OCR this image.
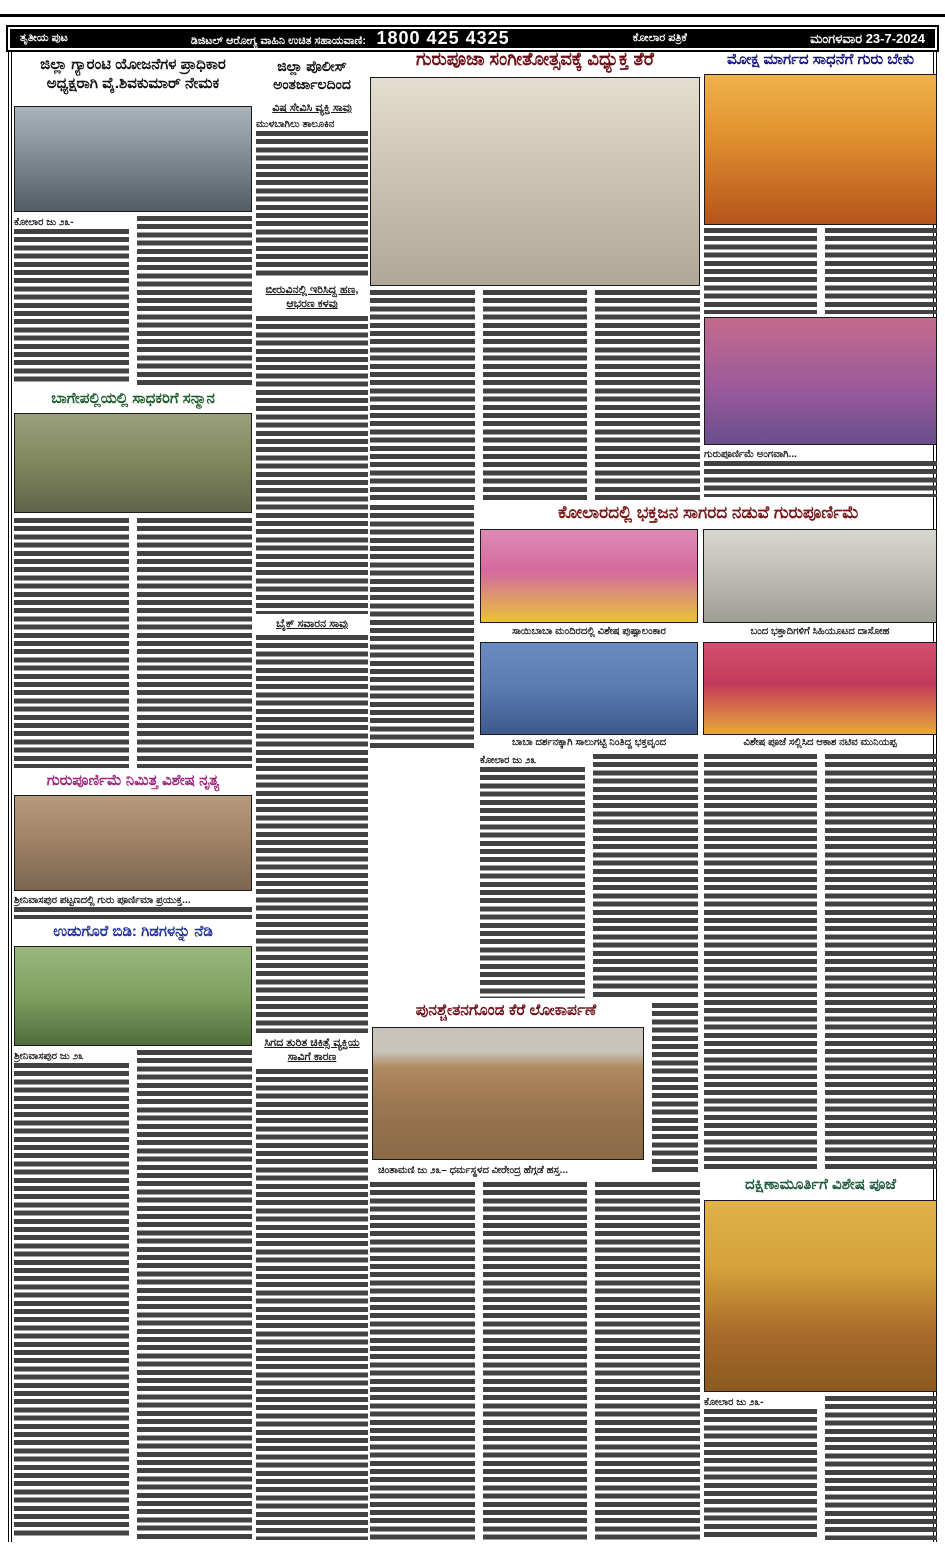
ತೃತೀಯ ಪುಟ	ಡಿಜಿಟಲ್ ಆರೋಗ್ಯ ವಾಹಿನಿ ಉಚಿತ ಸಹಾಯವಾಣಿ: 1800 425 4325	ಕೋಲಾರ ಪತ್ರಿಕೆ	ಮಂಗಳವಾರ 23-7-2024
ಜಿಲ್ಲಾ ಗ್ಯಾರಂಟಿ ಯೋಜನೆಗಳ ಪ್ರಾಧಿಕಾರ ಅಧ್ಯಕ್ಷರಾಗಿ ವೈ.ಶಿವಕುಮಾರ್ ನೇಮಕ
ಕೋಲಾರ ಜು ೨೩-
ಬಾಗೇಪಲ್ಲಿಯಲ್ಲಿ ಸಾಧಕರಿಗೆ ಸನ್ಮಾನ
ಗುರುಪೂರ್ಣಿಮೆ ನಿಮಿತ್ತ ವಿಶೇಷ ನೃತ್ಯ
ಶ್ರೀನಿವಾಸಪುರ ಪಟ್ಟಣದಲ್ಲಿ ಗುರು ಪೂರ್ಣಿಮಾ ಪ್ರಯುಕ್ತ...
ಉಡುಗೊರೆ ಬಿಡಿ: ಗಿಡಗಳನ್ನು ನೆಡಿ
ಶ್ರೀನಿವಾಸಪುರ ಜು ೨೩
ಜಿಲ್ಲಾ ಪೊಲೀಸ್ ಅಂತರ್ಜಾಲದಿಂದ
ವಿಷ ಸೇವಿಸಿ ವ್ಯಕ್ತಿ ಸಾವು
ಮುಳಬಾಗಿಲು ತಾಲೂಕಿನ
ಬೀರುವಿನಲ್ಲಿ ಇರಿಸಿದ್ದ ಹಣ, ಆಭರಣ ಕಳವು
ಬೈಕ್ ಸವಾರನ ಸಾವು
ಸಿಗದ ತುರಿತ ಚಿಕಿತ್ಸೆ ವ್ಯಕ್ತಿಯ ಸಾವಿಗೆ ಕಾರಣ
ಗುರುಪೂಜಾ ಸಂಗೀತೋತ್ಸವಕ್ಕೆ ವಿಧ್ಯುಕ್ತ ತೆರೆ
ಕೋಲಾರದಲ್ಲಿ ಭಕ್ತಜನ ಸಾಗರದ ನಡುವೆ ಗುರುಪೂರ್ಣಿಮೆ
ಸಾಯಿಬಾಬಾ ಮಂದಿರದಲ್ಲಿ ವಿಶೇಷ ಪುಷ್ಪಾಲಂಕಾರ	ಬಂದ ಭಕ್ತಾದಿಗಳಿಗೆ ಸಿಹಿಯೂಟದ ದಾಸೋಹ
ಬಾಬಾ ದರ್ಶನಕ್ಕಾಗಿ ಸಾಲುಗಟ್ಟಿ ನಿಂತಿದ್ದ ಭಕ್ತವೃಂದ	ವಿಶೇಷ ಪೂಜೆ ಸಲ್ಲಿಸಿದ ಆಕಾಶ ನಟಿವ ಮುನಿಯಪ್ಪ
ಕೋಲಾರ ಜು ೨೩
ಪುನಶ್ಚೇತನಗೊಂಡ ಕೆರೆ ಲೋಕಾರ್ಪಣೆ
ಚಿಂತಾಮಣಿ ಜು ೨೩– ಧರ್ಮಸ್ಥಳದ ವೀರೇಂದ್ರ ಹೆಗ್ಗಡೆ ಹಸ್ತ...
ಮೋಕ್ಷ ಮಾರ್ಗದ ಸಾಧನೆಗೆ ಗುರು ಬೇಕು
ಗುರುಪೂರ್ಣಿಮೆ ಅಂಗವಾಗಿ...
ದಕ್ಷಿಣಾಮೂರ್ತಿಗೆ ವಿಶೇಷ ಪೂಜೆ
ಕೋಲಾರ ಜು ೨೩-
